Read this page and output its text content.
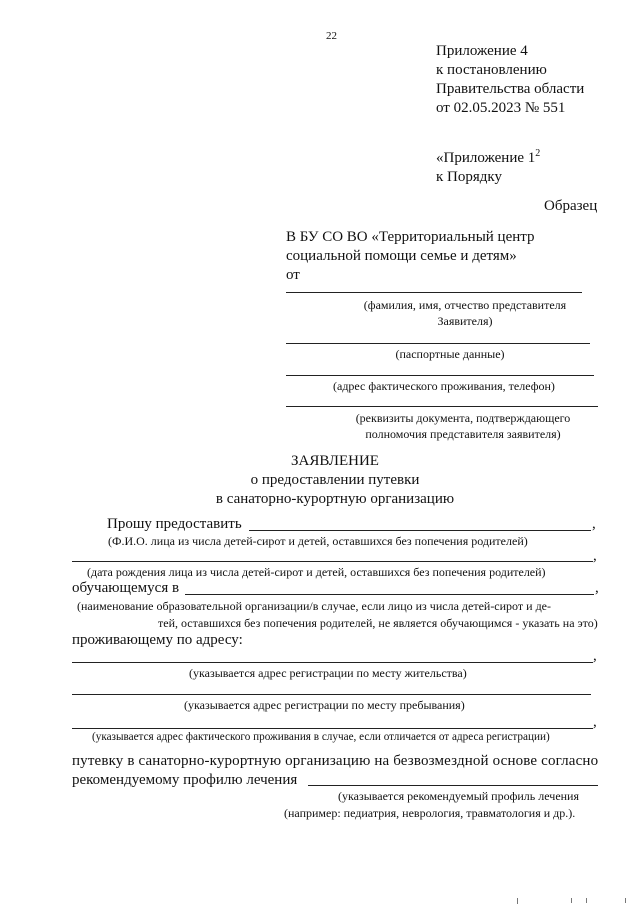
22
Приложение 4
к постановлению
Правительства области
от 02.05.2023 № 551
«Приложение $1^2$
к Порядку
Образец
В БУ СО ВО «Территориальный центр
социальной помощи семье и детям»
от
(фамилия, имя, отчество представителя
Заявителя)
(паспортные данные)
(адрес фактического проживания, телефон)
(реквизиты документа, подтверждающего
полномочия представителя заявителя)
ЗАЯВЛЕНИЕ
о предоставлении путевки
в санаторно-курортную организацию
Прошу предоставить	,
(Ф.И.О. лица из числа детей-сирот и детей, оставшихся без попечения родителей)
,
(дата рождения лица из числа детей-сирот и детей, оставшихся без попечения родителей)
обучающемуся в	,
(наименование образовательной организации/в случае, если лицо из числа детей-сирот и де-
тей, оставшихся без попечения родителей, не является обучающимся - указать на это)
проживающему по адресу:
,
(указывается адрес регистрации по месту жительства)
(указывается адрес регистрации по месту пребывания)
,
(указывается адрес фактического проживания в случае, если отличается от адреса регистрации)
путевку в санаторно-курортную организацию на безвозмездной основе согласно
рекомендуемому профилю лечения
(указывается рекомендуемый профиль лечения
(например: педиатрия, неврология, травматология и др.).
